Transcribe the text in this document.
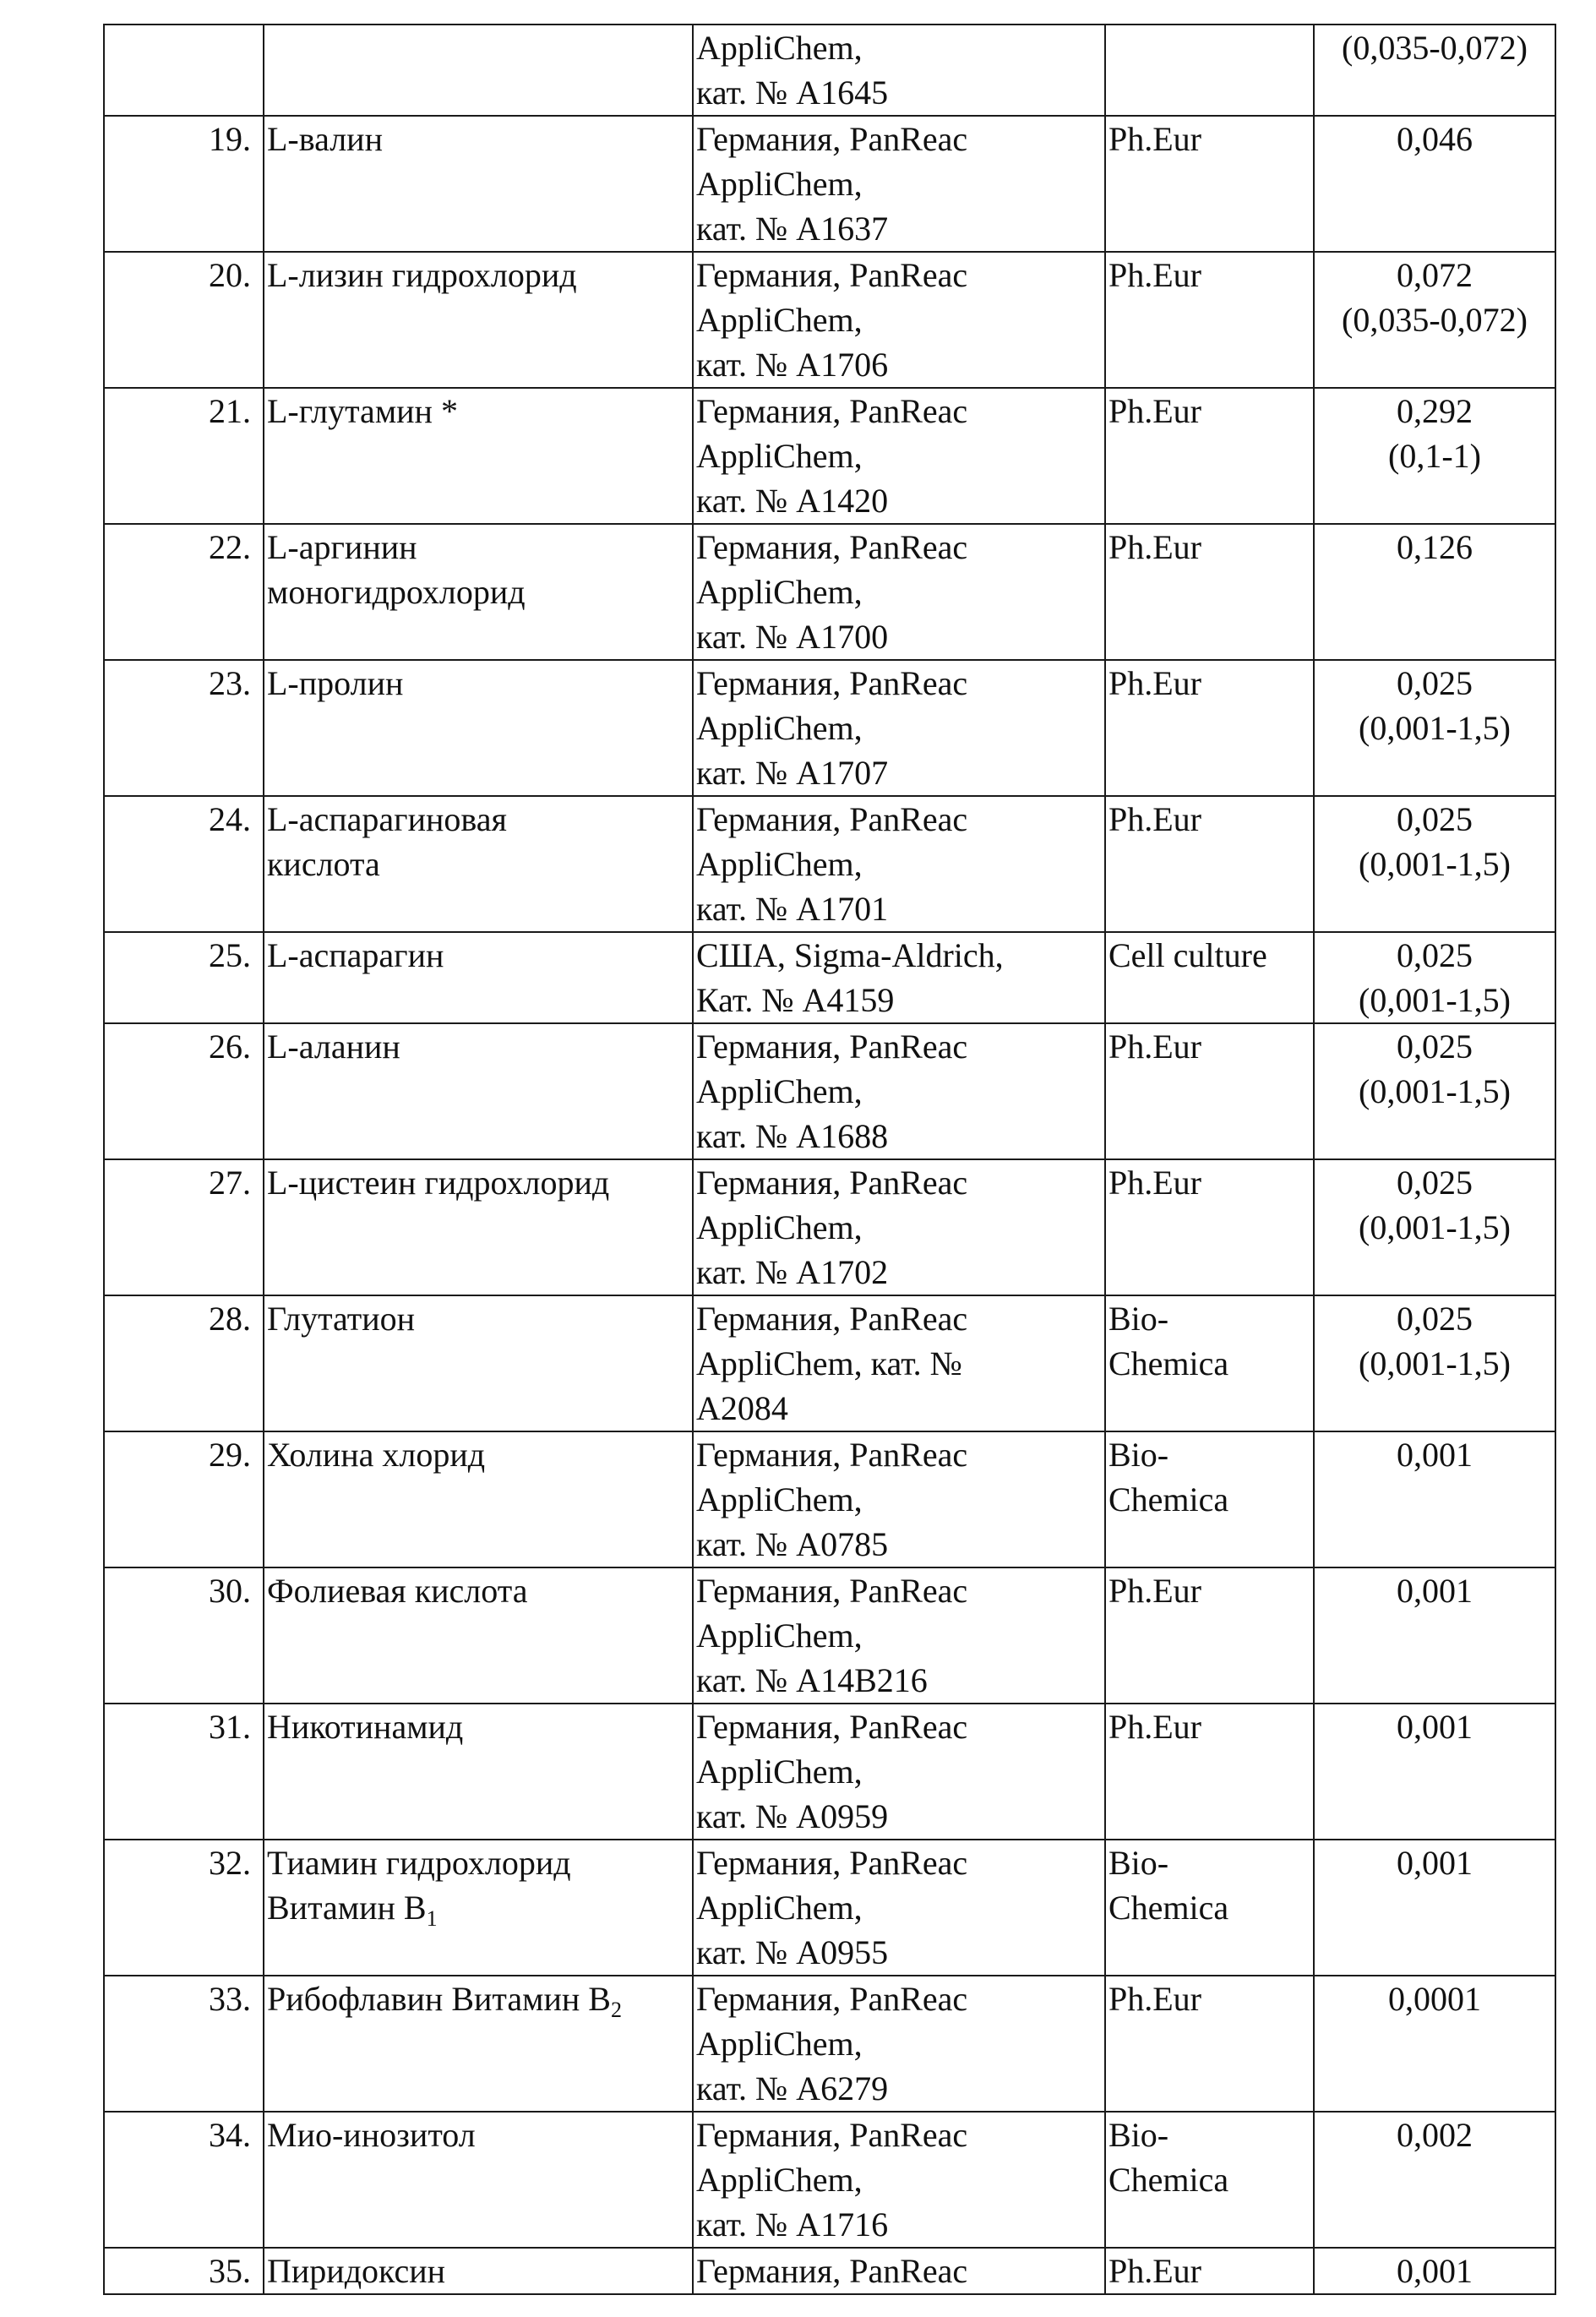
AppliChem,
кат. № A1645

(0,035-0,072)

19.	L-валин	Германия, PanReac
AppliChem,
кат. № A1637

Ph.Eur	0,046

20.	L-лизин гидрохлорид	Германия, PanReac
AppliChem,
кат. № A1706

Ph.Eur	0,072
(0,035-0,072)

21.	L-глутамин *	Германия, PanReac
AppliChem,
кат. № A1420

Ph.Eur	0,292
(0,1-1)

22.	L-аргинин
моногидрохлорид

Германия, PanReac
AppliChem,
кат. № A1700

Ph.Eur	0,126

23.	L-пролин	Германия, PanReac
AppliChem,
кат. № A1707

Ph.Eur	0,025
(0,001-1,5)

24.	L-аспарагиновая
кислота

Германия, PanReac
AppliChem,
кат. № A1701

Ph.Eur	0,025
(0,001-1,5)

25.	L-аспарагин	США, Sigma-Aldrich,
Кат. № A4159

Cell culture	0,025
(0,001-1,5)

26.	L-аланин	Германия, PanReac
AppliChem,
кат. № A1688

Ph.Eur	0,025
(0,001-1,5)

27.	L-цистеин гидрохлорид	Германия, PanReac
AppliChem,
кат. № A1702

Ph.Eur	0,025
(0,001-1,5)

28.	Глутатион	Германия, PanReac
AppliChem, кат. №
A2084

Bio-
Chemica

0,025
(0,001-1,5)

29.	Холина хлорид	Германия, PanReac
AppliChem,
кат. № A0785

Bio-
Chemica

0,001

30.	Фолиевая кислота	Германия, PanReac
AppliChem,
кат. № A14B216

Ph.Eur	0,001

31.	Никотинамид	Германия, PanReac
AppliChem,
кат. № A0959

Ph.Eur	0,001

32.	Тиамин гидрохлорид
Витамин B1

Германия, PanReac
AppliChem,
кат. № A0955

Bio-
Chemica

0,001

33.	Рибофлавин Витамин B2	Германия, PanReac
AppliChem,
кат. № A6279

Ph.Eur	0,0001

34.	Мио-инозитол	Германия, PanReac
AppliChem,
кат. № A1716

Bio-
Chemica

0,002

35.	Пиридоксин	Германия, PanReac	Ph.Eur	0,001
